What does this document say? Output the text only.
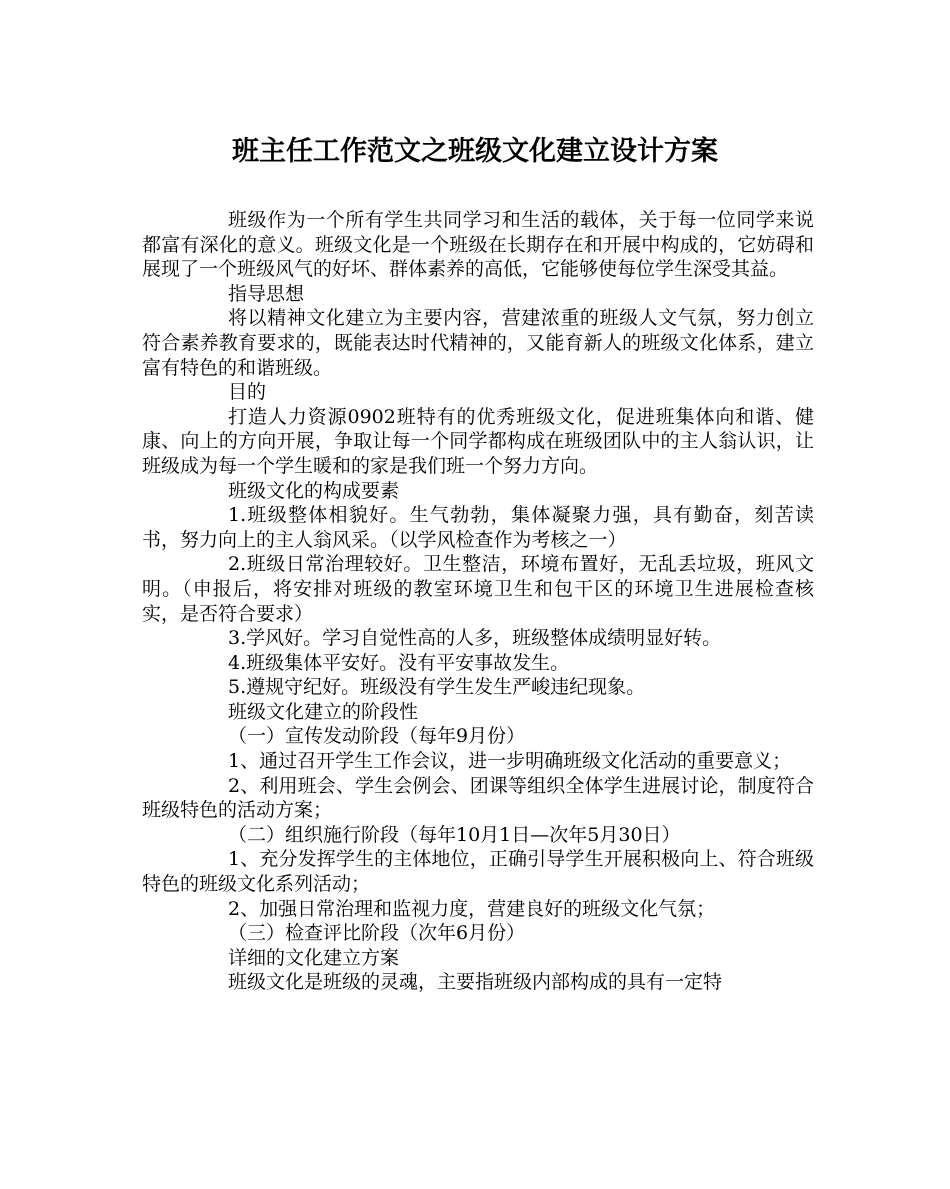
班主任工作范文之班级文化建立设计方案

班级作为一个所有学生共同学习和生活的载体，关于每一位同学来说都富有深化的意义。班级文化是一个班级在长期存在和开展中构成的，它妨碍和展现了一个班级风气的好坏、群体素养的高低，它能够使每位学生深受其益。

指导思想

将以精神文化建立为主要内容，营建浓重的班级人文气氛，努力创立符合素养教育要求的，既能表达时代精神的，又能育新人的班级文化体系，建立富有特色的和谐班级。

目的

打造人力资源0902班特有的优秀班级文化，促进班集体向和谐、健康、向上的方向开展，争取让每一个同学都构成在班级团队中的主人翁认识，让班级成为每一个学生暖和的家是我们班一个努力方向。

班级文化的构成要素

1.班级整体相貌好。生气勃勃，集体凝聚力强，具有勤奋，刻苦读书，努力向上的主人翁风采。（以学风检查作为考核之一）

2.班级日常治理较好。卫生整洁，环境布置好，无乱丢垃圾，班风文明。（申报后，将安排对班级的教室环境卫生和包干区的环境卫生进展检查核实，是否符合要求）

3.学风好。学习自觉性高的人多，班级整体成绩明显好转。

4.班级集体平安好。没有平安事故发生。

5.遵规守纪好。班级没有学生发生严峻违纪现象。

班级文化建立的阶段性

（一）宣传发动阶段（每年9月份）

1、通过召开学生工作会议，进一步明确班级文化活动的重要意义；

2、利用班会、学生会例会、团课等组织全体学生进展讨论，制度符合班级特色的活动方案；

（二）组织施行阶段（每年10月1日—次年5月30日）

1、充分发挥学生的主体地位，正确引导学生开展积极向上、符合班级特色的班级文化系列活动；

2、加强日常治理和监视力度，营建良好的班级文化气氛；

（三）检查评比阶段（次年6月份）

详细的文化建立方案

班级文化是班级的灵魂，主要指班级内部构成的具有一定特
